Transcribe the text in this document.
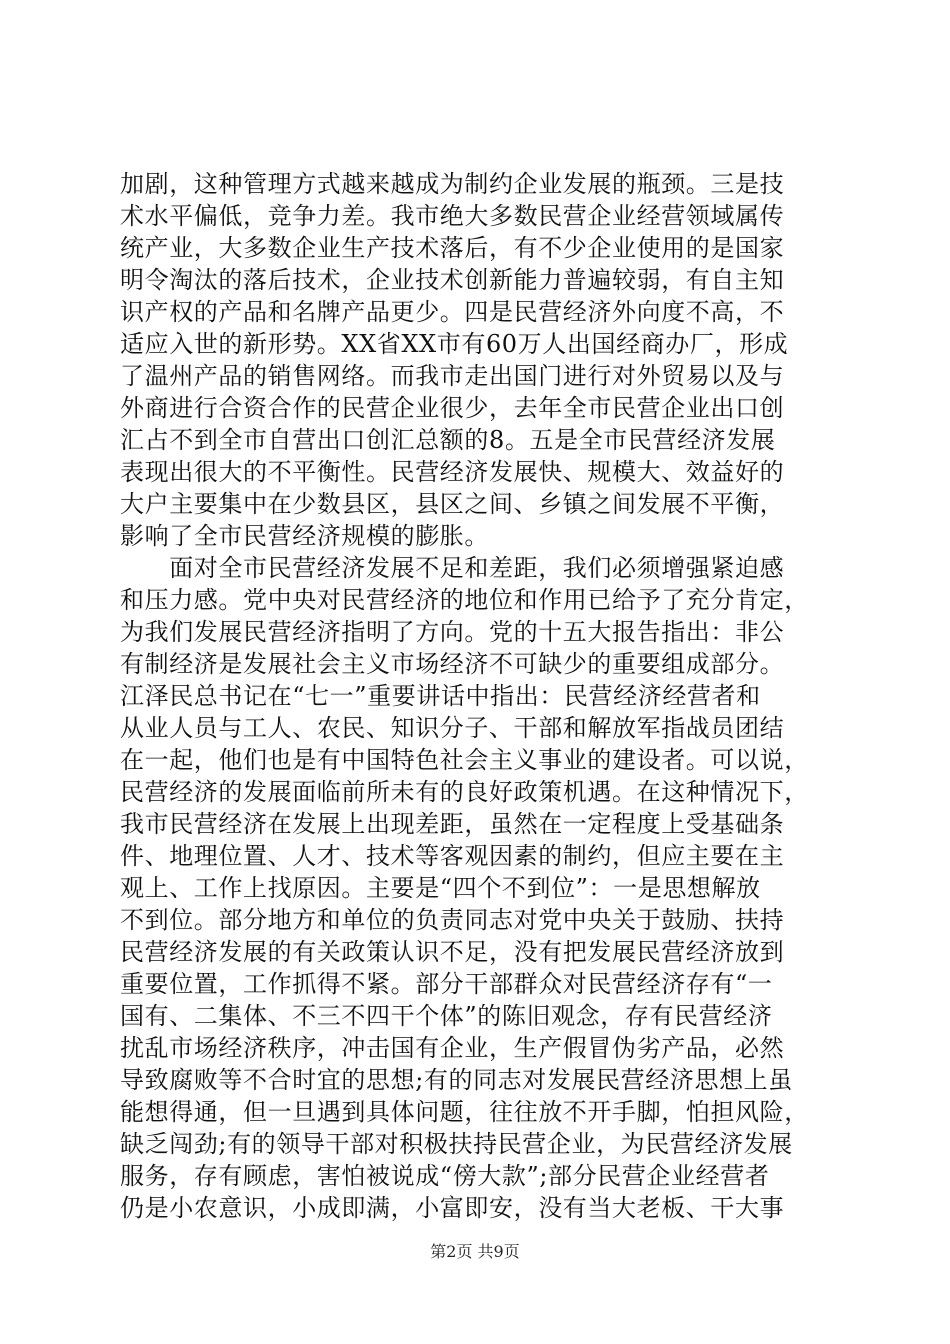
加剧，这种管理方式越来越成为制约企业发展的瓶颈。三是技
术水平偏低，竞争力差。我市绝大多数民营企业经营领域属传
统产业，大多数企业生产技术落后，有不少企业使用的是国家
明令淘汰的落后技术，企业技术创新能力普遍较弱，有自主知
识产权的产品和名牌产品更少。四是民营经济外向度不高，不
适应入世的新形势。XX省XX市有60万人出国经商办厂，形成
了温州产品的销售网络。而我市走出国门进行对外贸易以及与
外商进行合资合作的民营企业很少，去年全市民营企业出口创
汇占不到全市自营出口创汇总额的8。五是全市民营经济发展
表现出很大的不平衡性。民营经济发展快、规模大、效益好的
大户主要集中在少数县区，县区之间、乡镇之间发展不平衡，
影响了全市民营经济规模的膨胀。
　　面对全市民营经济发展不足和差距，我们必须增强紧迫感
和压力感。党中央对民营经济的地位和作用已给予了充分肯定，
为我们发展民营经济指明了方向。党的十五大报告指出：非公
有制经济是发展社会主义市场经济不可缺少的重要组成部分。
江泽民总书记在“七一”重要讲话中指出：民营经济经营者和
从业人员与工人、农民、知识分子、干部和解放军指战员团结
在一起，他们也是有中国特色社会主义事业的建设者。可以说，
民营经济的发展面临前所未有的良好政策机遇。在这种情况下，
我市民营经济在发展上出现差距，虽然在一定程度上受基础条
件、地理位置、人才、技术等客观因素的制约，但应主要在主
观上、工作上找原因。主要是“四个不到位”：一是思想解放
不到位。部分地方和单位的负责同志对党中央关于鼓励、扶持
民营经济发展的有关政策认识不足，没有把发展民营经济放到
重要位置，工作抓得不紧。部分干部群众对民营经济存有“一
国有、二集体、不三不四干个体”的陈旧观念，存有民营经济
扰乱市场经济秩序，冲击国有企业，生产假冒伪劣产品，必然
导致腐败等不合时宜的思想;有的同志对发展民营经济思想上虽
能想得通，但一旦遇到具体问题，往往放不开手脚，怕担风险，
缺乏闯劲;有的领导干部对积极扶持民营企业，为民营经济发展
服务，存有顾虑，害怕被说成“傍大款”;部分民营企业经营者
仍是小农意识，小成即满，小富即安，没有当大老板、干大事
第2页 共9页
